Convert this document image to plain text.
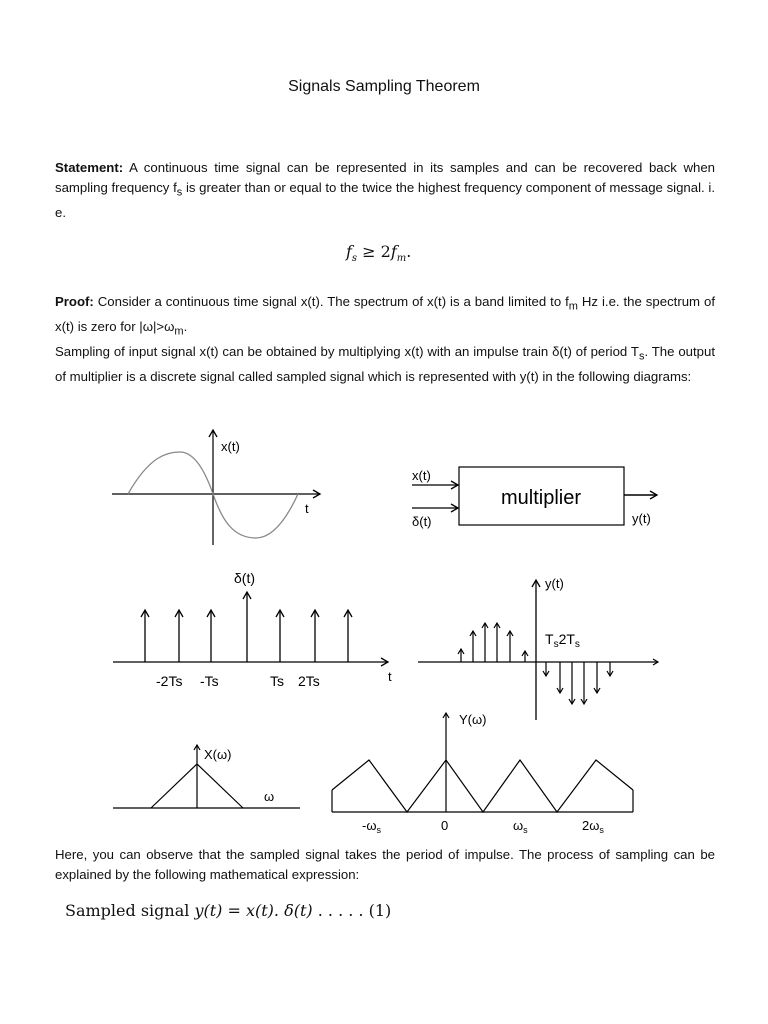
Signals Sampling Theorem

Statement: A continuous time signal can be represented in its samples and can be recovered back when sampling frequency $f_s$ is greater than or equal to the twice the highest frequency component of message signal. i. e.

$f_s \ge 2f_m$.

Proof: Consider a continuous time signal x(t). The spectrum of x(t) is a band limited to $f_m$ Hz i.e. the spectrum of x(t) is zero for $|\omega|>\omega_m$.

Sampling of input signal x(t) can be obtained by multiplying x(t) with an impulse train δ(t) of period $T_s$. The output of multiplier is a discrete signal called sampled signal which is represented with y(t) in the following diagrams:

x(t)
t	multiplier
x(t)
δ(t)	y(t)
δ(t)
t
-2Ts -Ts	Ts 2Ts
y(t)
$T_s2T_s$
X(ω)
ω
Y(ω)
$-\omega_s$	0	$\omega_s$	$2\omega_s$

Here, you can observe that the sampled signal takes the period of impulse. The process of sampling can be explained by the following mathematical expression:

Sampled signal y(t) = x(t). δ(t) . . . . . (1)
